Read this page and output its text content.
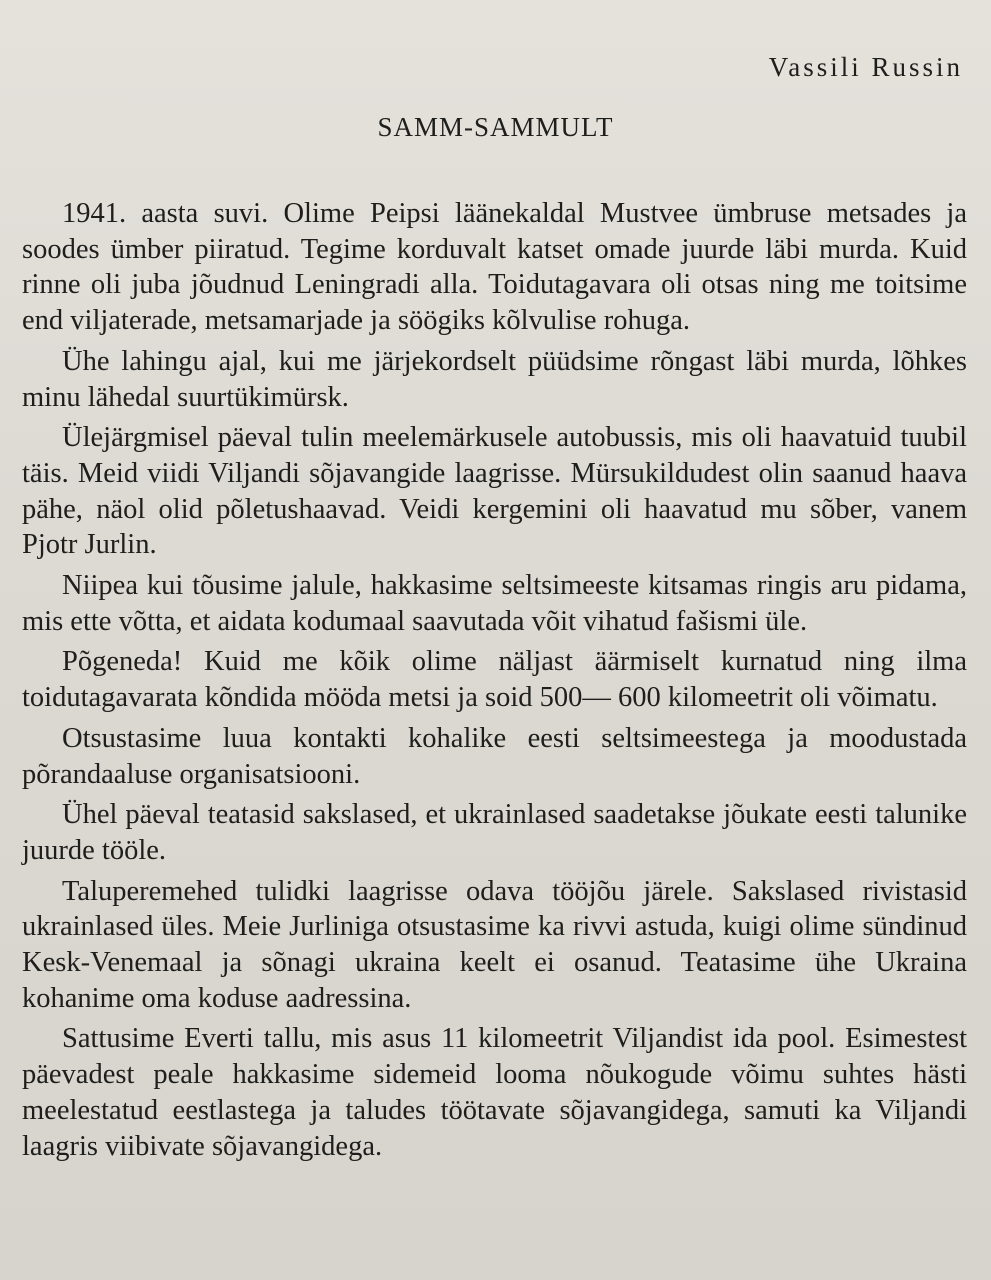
Vassili Russin
SAMM-SAMMULT

1941. aasta suvi. Olime Peipsi läänekaldal Mustvee ümbruse metsades ja soodes ümber piiratud. Tegime korduvalt katset omade juurde läbi murda. Kuid rinne oli juba jõudnud Leningradi alla. Toidutagavara oli otsas ning me toitsime end viljaterade, metsamarjade ja söögiks kõlvulise rohuga.

Ühe lahingu ajal, kui me järjekordselt püüdsime rõngast läbi murda, lõhkes minu lähedal suurtükimürsk.

Ülejärgmisel päeval tulin meelemärkusele autobussis, mis oli haavatuid tuubil täis. Meid viidi Viljandi sõjavangide laagrisse. Mürsukildudest olin saanud haava pähe, näol olid põletushaavad. Veidi kergemini oli haavatud mu sõber, vanem Pjotr Jurlin.

Niipea kui tõusime jalule, hakkasime seltsimeeste kitsamas ringis aru pidama, mis ette võtta, et aidata kodumaal saavutada võit vihatud fašismi üle.

Põgeneda! Kuid me kõik olime näljast äärmiselt kurnatud ning ilma toidutagavarata kõndida mööda metsi ja soid 500— 600 kilomeetrit oli võimatu.

Otsustasime luua kontakti kohalike eesti seltsimeestega ja moodustada põrandaaluse organisatsiooni.

Ühel päeval teatasid sakslased, et ukrainlased saadetakse jõukate eesti talunike juurde tööle.

Taluperemehed tulidki laagrisse odava tööjõu järele. Sakslased rivistasid ukrainlased üles. Meie Jurliniga otsustasime ka rivvi astuda, kuigi olime sündinud Kesk-Venemaal ja sõnagi ukraina keelt ei osanud. Teatasime ühe Ukraina kohanime oma koduse aadressina.

Sattusime Everti tallu, mis asus 11 kilomeetrit Viljandist ida pool. Esimestest päevadest peale hakkasime sidemeid looma nõukogude võimu suhtes hästi meelestatud eestlastega ja taludes töötavate sõjavangidega, samuti ka Viljandi laagris viibivate sõjavangidega.
